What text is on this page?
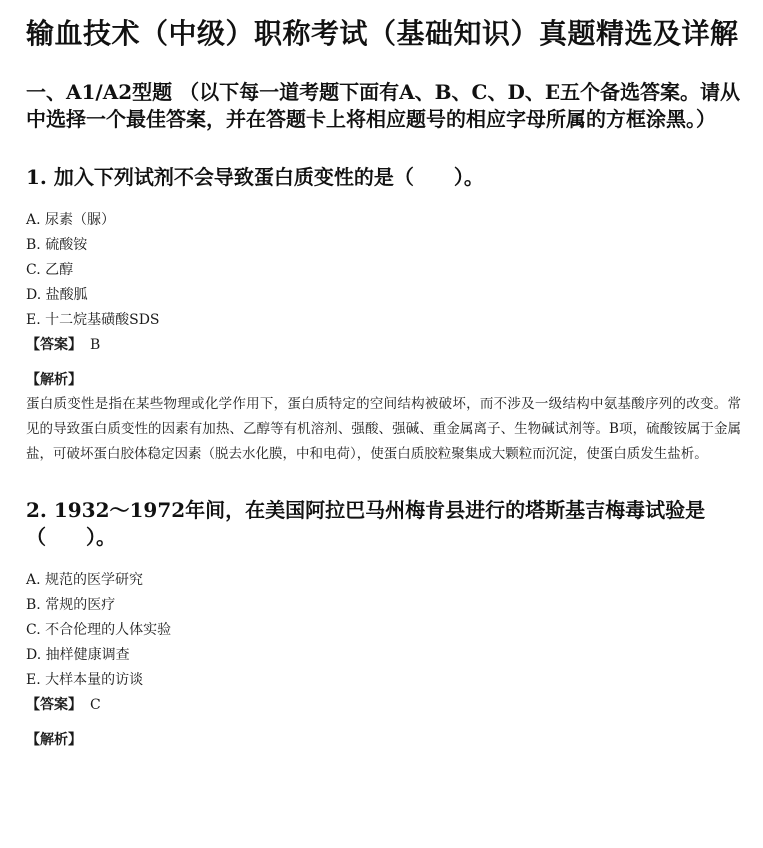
输血技术（中级）职称考试（基础知识）真题精选及详解

一、A1/A2型题 （以下每一道考题下面有A、B、C、D、E五个备选答案。请从中选择一个最佳答案，并在答题卡上将相应题号的相应字母所属的方框涂黑。）

1. 加入下列试剂不会导致蛋白质变性的是（　　）。

A. 尿素（脲）
B. 硫酸铵
C. 乙醇
D. 盐酸胍
E. 十二烷基磺酸SDS
【答案】 B
【解析】

蛋白质变性是指在某些物理或化学作用下，蛋白质特定的空间结构被破坏，而不涉及一级结构中氨基酸序列的改变。常见的导致蛋白质变性的因素有加热、乙醇等有机溶剂、强酸、强碱、重金属离子、生物碱试剂等。B项，硫酸铵属于金属盐，可破坏蛋白胶体稳定因素（脱去水化膜，中和电荷），使蛋白质胶粒聚集成大颗粒而沉淀，使蛋白质发生盐析。

2. 1932～1972年间，在美国阿拉巴马州梅肯县进行的塔斯基吉梅毒试验是（　　）。

A. 规范的医学研究
B. 常规的医疗
C. 不合伦理的人体实验
D. 抽样健康调查
E. 大样本量的访谈
【答案】 C
【解析】
